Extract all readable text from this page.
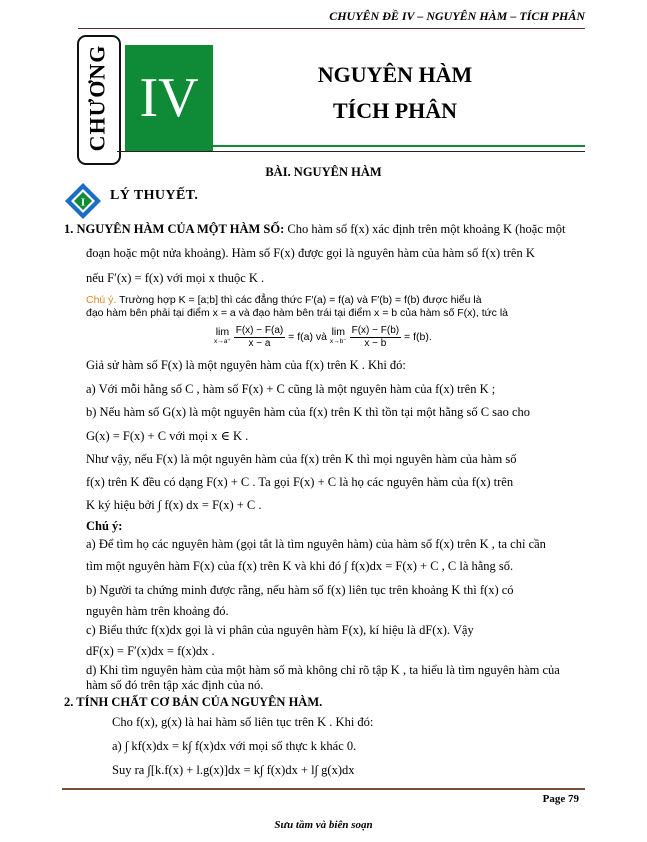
CHUYÊN ĐỀ IV – NGUYÊN HÀM – TÍCH PHÂN
CHƯƠNG IV	NGUYÊN HÀM
TÍCH PHÂN
BÀI. NGUYÊN HÀM
I LÝ THUYẾT.
1. NGUYÊN HÀM CỦA MỘT HÀM SỐ: Cho hàm số f(x) xác định trên một khoảng K (hoặc một
đoạn hoặc một nửa khoảng). Hàm số F(x) được gọi là nguyên hàm của hàm số f(x) trên K
nếu F′(x) = f(x) với mọi x thuộc K .
Chú ý. Trường hợp K = [a;b] thì các đẳng thức F′(a) = f(a) và F′(b) = f(b) được hiểu là
đạo hàm bên phải tại điểm x = a và đạo hàm bên trái tại điểm x = b của hàm số F(x), tức là
lim
x→a⁺
$\frac{F(x) - F(a)}{x - a} = f(a)$ và lim
x→b⁻
$\frac{F(x) - F(b)}{x - b} = f(b)$.
Giả sử hàm số F(x) là một nguyên hàm của f(x) trên K . Khi đó:
a) Với mỗi hằng số C , hàm số F(x) + C cũng là một nguyên hàm của f(x) trên K ;
b) Nếu hàm số G(x) là một nguyên hàm của f(x) trên K thì tồn tại một hằng số C sao cho
G(x) = F(x) + C với mọi x ∈ K .
Như vậy, nếu F(x) là một nguyên hàm của f(x) trên K thì mọi nguyên hàm của hàm số
f(x) trên K đều có dạng F(x) + C . Ta gọi F(x) + C là họ các nguyên hàm của f(x) trên
K ký hiệu bởi ∫ f(x) dx = F(x) + C .
Chú ý:
a) Để tìm họ các nguyên hàm (gọi tắt là tìm nguyên hàm) của hàm số f(x) trên K , ta chỉ cần
tìm một nguyên hàm F(x) của f(x) trên K và khi đó ∫ f(x)dx = F(x) + C , C là hằng số.
b) Người ta chứng minh được rằng, nếu hàm số f(x) liên tục trên khoảng K thì f(x) có
nguyên hàm trên khoảng đó.
c) Biểu thức f(x)dx gọi là vi phân của nguyên hàm F(x), kí hiệu là dF(x). Vậy
dF(x) = F′(x)dx = f(x)dx .
d) Khi tìm nguyên hàm của một hàm số mà không chỉ rõ tập K , ta hiểu là tìm nguyên hàm của
hàm số đó trên tập xác định của nó.
2. TÍNH CHẤT CƠ BẢN CỦA NGUYÊN HÀM.
Cho f(x), g(x) là hai hàm số liên tục trên K . Khi đó:
a) ∫ kf(x)dx = k∫ f(x)dx với mọi số thực k khác 0.
Suy ra ∫[k.f(x) + l.g(x)]dx = k∫ f(x)dx + l∫ g(x)dx
Page 79
Sưu tầm và biên soạn
